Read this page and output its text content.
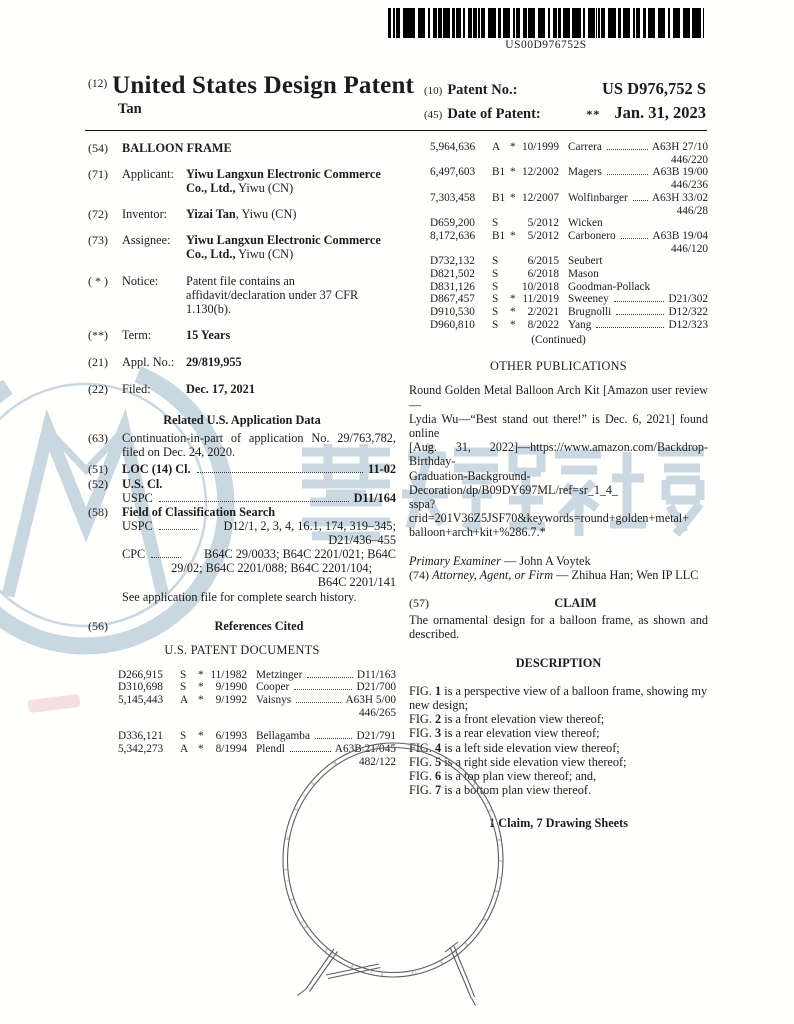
US00D976752S
$^{(12)}$ United States Design Patent
Tan
(10) Patent No.:	US D976,752 S
(45) Date of Patent:	** Jan. 31, 2023
(54)	BALLOON FRAME
(71)	Applicant: Yiwu Langxun Electronic Commerce Co., Ltd., Yiwu (CN)
(72)	Inventor:	Yizai Tan, Yiwu (CN)
(73)	Assignee:	Yiwu Langxun Electronic Commerce Co., Ltd., Yiwu (CN)
( * )	Notice:	Patent file contains an affidavit/declaration under 37 CFR 1.130(b).
(**)	Term:	15 Years
(21)	Appl. No.: 29/819,955
(22)	Filed:	Dec. 17, 2021
Related U.S. Application Data
(63)	Continuation-in-part of application No. 29/763,782, filed on Dec. 24, 2020.
(51)	LOC (14) Cl.	11-02
(52)	U.S. Cl.
USPC	D11/164
(58)	Field of Classification Search
USPC	D12/1, 2, 3, 4, 16.1, 174, 319–345;
D21/436–455
CPC	B64C 29/0033; B64C 2201/021; B64C
29/02; B64C 2201/088; B64C 2201/104;
B64C 2201/141
See application file for complete search history.
(56)	References Cited
U.S. PATENT DOCUMENTS
D266,915	S	* 11/1982 Metzinger	D11/163
D310,698	S	*	9/1990 Cooper	D21/700
5,145,443	A *	9/1992 Vaisnys	A63H 5/00
446/265
D336,121	S	*	6/1993 Bellagamba	D21/791
5,342,273	A *	8/1994 Plendl	A63B 21/045
482/122
5,964,636	A * 10/1999 Carrera	A63H 27/10
446/220
6,497,603	B1 * 12/2002 Magers	A63B 19/00
446/236
7,303,458	B1 * 12/2007 Wolfinbarger A63H 33/02
446/28
D659,200	S	5/2012 Wicken
8,172,636	B1 *	5/2012 Carbonero	A63B 19/04
446/120
D732,132	S	6/2015 Seubert
D821,502	S	6/2018 Mason
D831,126	S	10/2018 Goodman-Pollack
D867,457	S	* 11/2019 Sweeney	D21/302
D910,530	S	*	2/2021 Brugnolli	D12/322
D960,810	S	*	8/2022 Yang	D12/323
(Continued)
OTHER PUBLICATIONS
Round Golden Metal Balloon Arch Kit [Amazon user review—
Lydia Wu—“Best stand out there!” is Dec. 6, 2021] found online
[Aug. 31, 2022]—https://www.amazon.com/Backdrop-Birthday-
Graduation-Background-Decoration/dp/B09DY697ML/ref=sr_1_4_
sspa?crid=201V36Z5JSF70&keywords=round+golden+metal+
balloon+arch+kit+%286.7.*
Primary Examiner — John A Voytek
(74) Attorney, Agent, or Firm — Zhihua Han; Wen IP LLC
(57)	CLAIM
The ornamental design for a balloon frame, as shown and described.
DESCRIPTION
FIG. 1 is a perspective view of a balloon frame, showing my new design;
FIG. 2 is a front elevation view thereof;
FIG. 3 is a rear elevation view thereof;
FIG. 4 is a left side elevation view thereof;
FIG. 5 is a right side elevation view thereof;
FIG. 6 is a top plan view thereof; and,
FIG. 7 is a bottom plan view thereof.
1 Claim, 7 Drawing Sheets
